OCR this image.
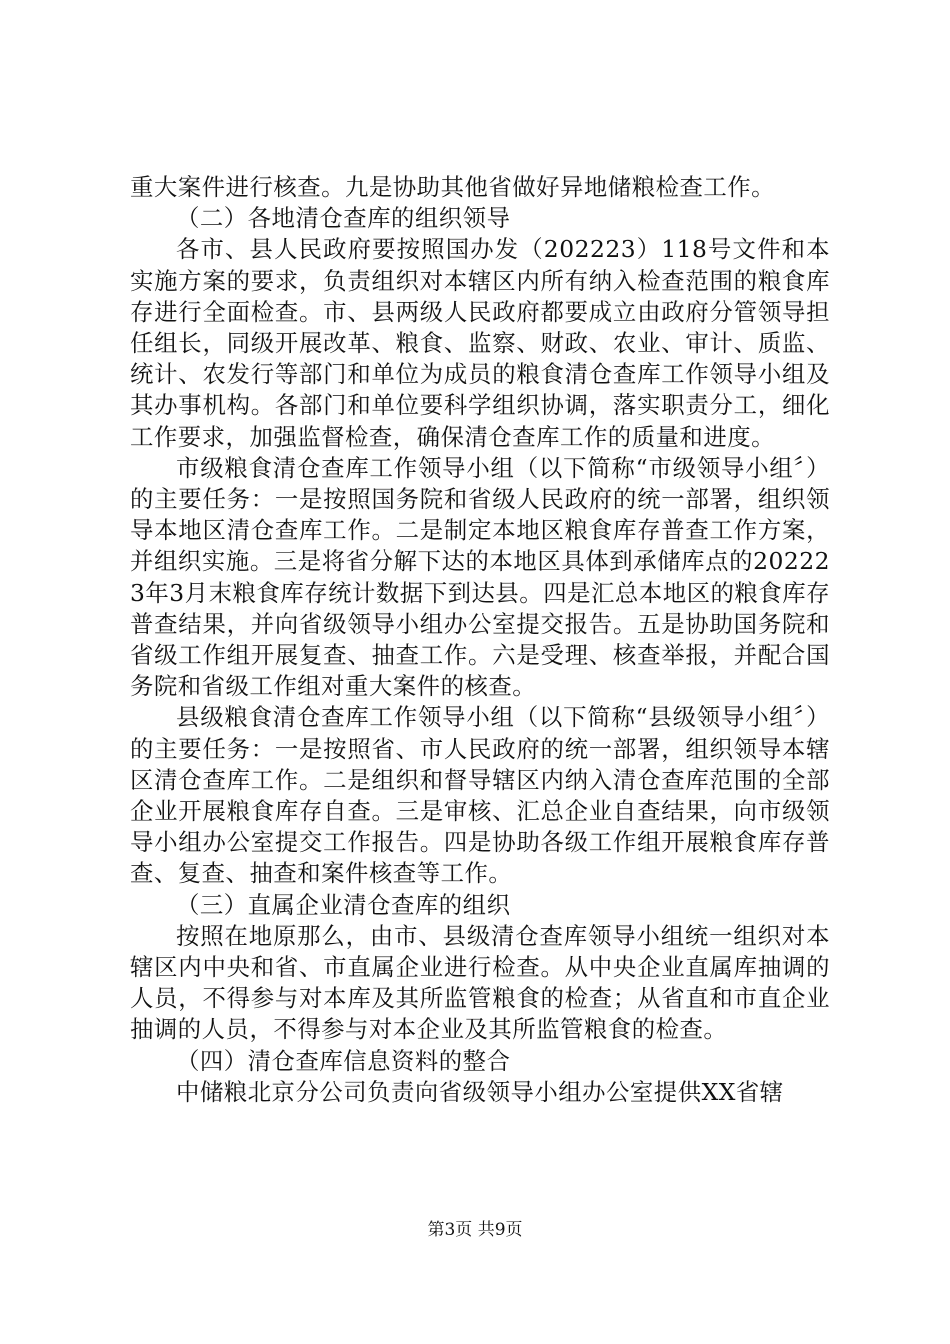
重大案件进行核查。九是协助其他省做好异地储粮检查工作。

（二）各地清仓查库的组织领导

各市、县人民政府要按照国办发（202223）118号文件和本实施方案的要求，负责组织对本辖区内所有纳入检查范围的粮食库存进行全面检查。市、县两级人民政府都要成立由政府分管领导担任组长，同级开展改革、粮食、监察、财政、农业、审计、质监、统计、农发行等部门和单位为成员的粮食清仓查库工作领导小组及其办事机构。各部门和单位要科学组织协调，落实职责分工，细化工作要求，加强监督检查，确保清仓查库工作的质量和进度。

市级粮食清仓查库工作领导小组（以下简称“市级领导小组〞）的主要任务：一是按照国务院和省级人民政府的统一部署，组织领导本地区清仓查库工作。二是制定本地区粮食库存普查工作方案，并组织实施。三是将省分解下达的本地区具体到承储库点的202223年3月末粮食库存统计数据下到达县。四是汇总本地区的粮食库存普查结果，并向省级领导小组办公室提交报告。五是协助国务院和省级工作组开展复查、抽查工作。六是受理、核查举报，并配合国务院和省级工作组对重大案件的核查。

县级粮食清仓查库工作领导小组（以下简称“县级领导小组〞）的主要任务：一是按照省、市人民政府的统一部署，组织领导本辖区清仓查库工作。二是组织和督导辖区内纳入清仓查库范围的全部企业开展粮食库存自查。三是审核、汇总企业自查结果，向市级领导小组办公室提交工作报告。四是协助各级工作组开展粮食库存普查、复查、抽查和案件核查等工作。

（三）直属企业清仓查库的组织

按照在地原那么，由市、县级清仓查库领导小组统一组织对本辖区内中央和省、市直属企业进行检查。从中央企业直属库抽调的人员，不得参与对本库及其所监管粮食的检查；从省直和市直企业抽调的人员，不得参与对本企业及其所监管粮食的检查。

（四）清仓查库信息资料的整合

中储粮北京分公司负责向省级领导小组办公室提供XX省辖

第3页 共9页
